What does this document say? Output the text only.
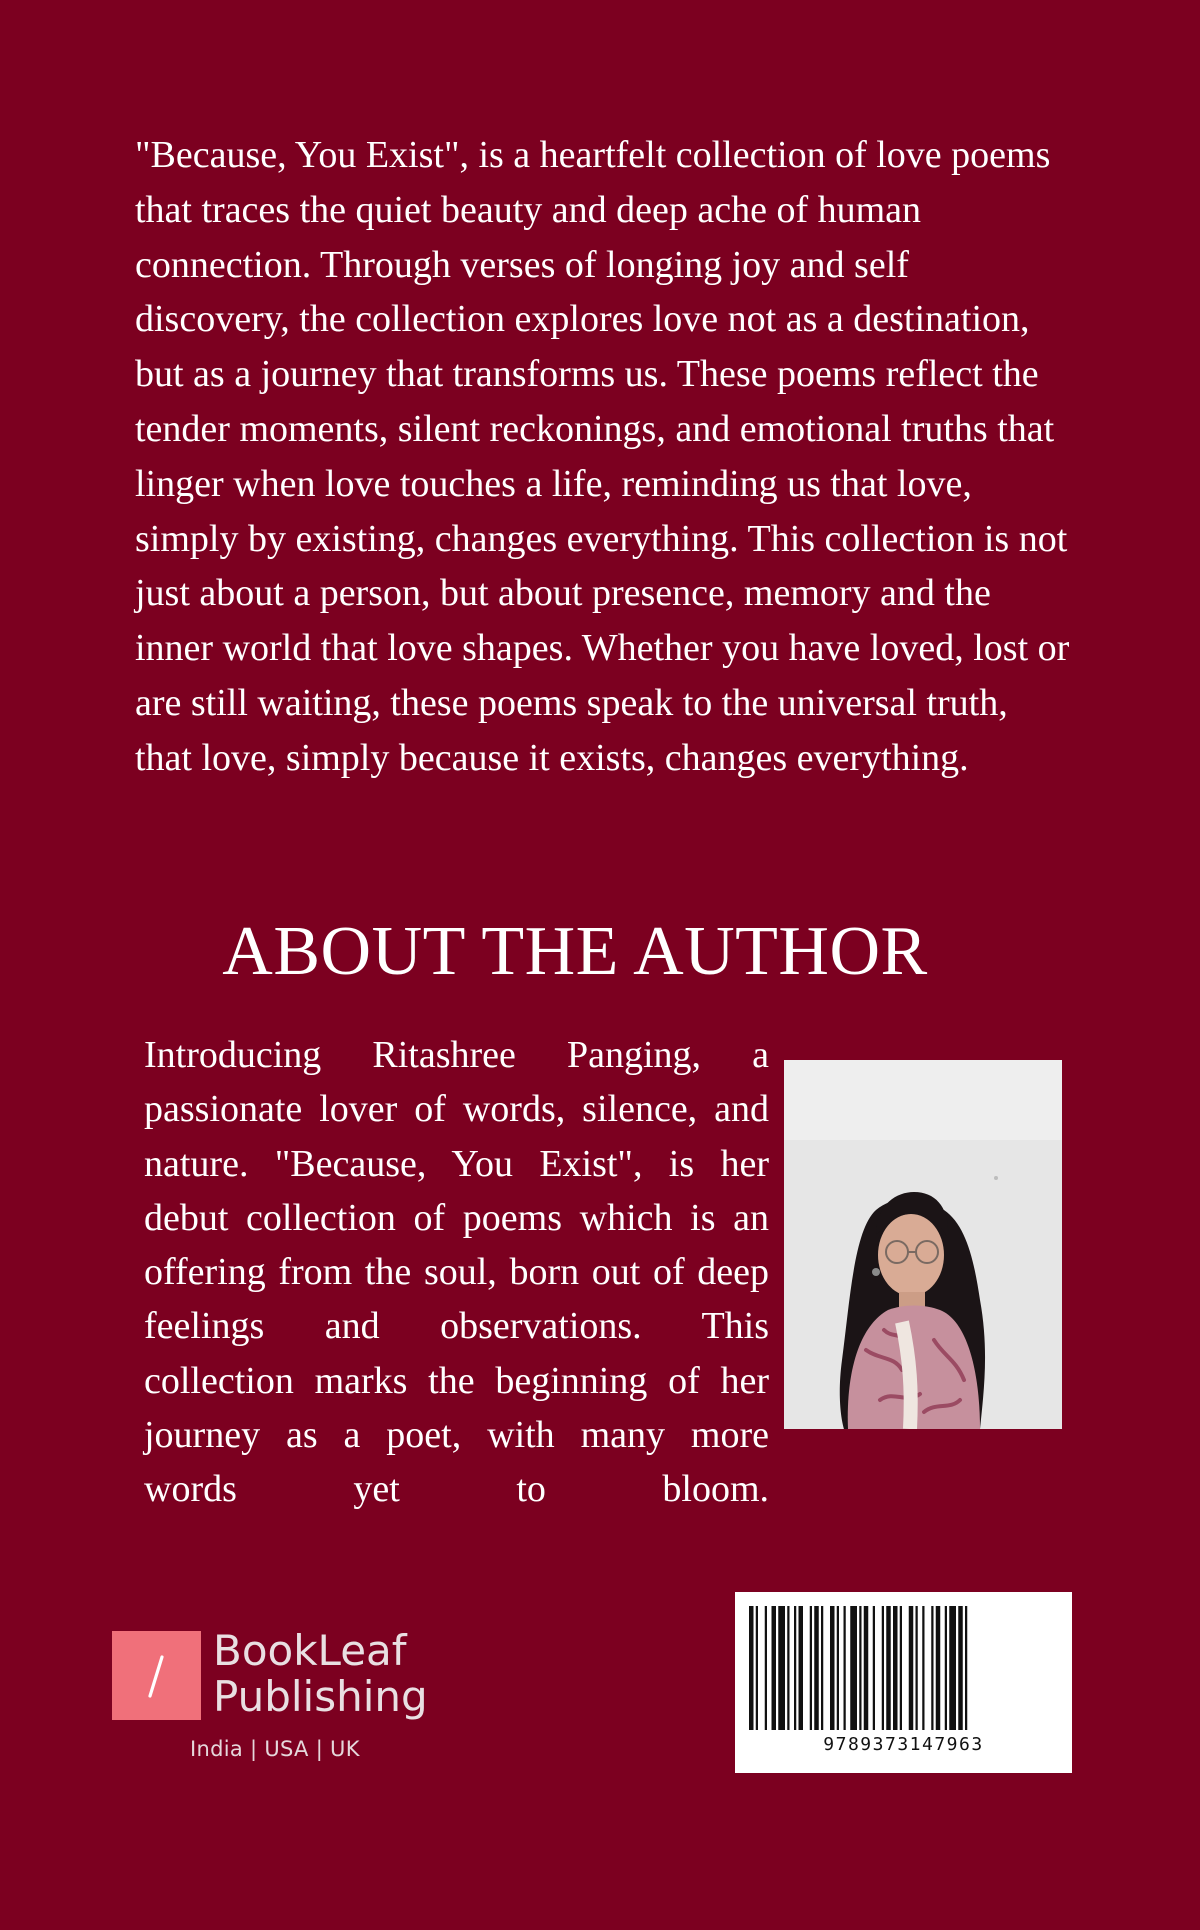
"Because, You Exist", is a heartfelt collection of love poems that traces the quiet beauty and deep ache of human connection. Through verses of longing joy and self discovery, the collection explores love not as a destination, but as a journey that transforms us. These poems reflect the tender moments, silent reckonings, and emotional truths that linger when love touches a life, reminding us that love, simply by existing, changes everything. This collection is not just about a person, but about presence, memory and the inner world that love shapes. Whether you have loved, lost or are still waiting, these poems speak to the universal truth, that love, simply because it exists, changes everything.

ABOUT THE AUTHOR

Introducing Ritashree Panging, a passionate lover of words, silence, and nature. "Because, You Exist", is her debut collection of poems which is an offering from the soul, born out of deep feelings and observations. This collection marks the beginning of her journey as a poet, with many more words yet to bloom.

BookLeaf
Publishing
India | USA | UK	9789373147963
